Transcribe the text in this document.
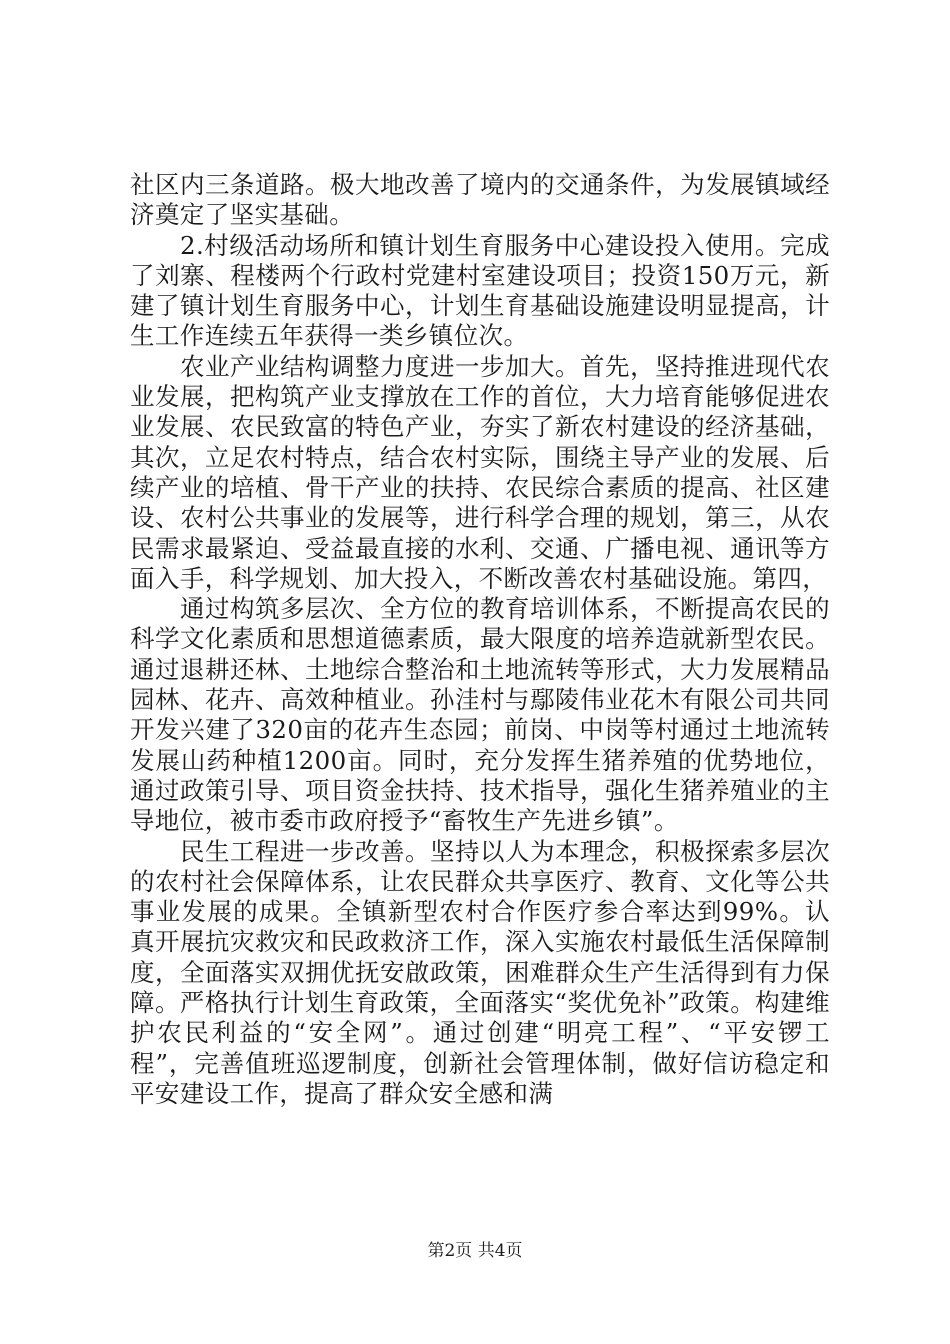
社区内三条道路。极大地改善了境内的交通条件，为发展镇域经济奠定了坚实基础。

2.村级活动场所和镇计划生育服务中心建设投入使用。完成了刘寨、程楼两个行政村党建村室建设项目；投资150万元，新建了镇计划生育服务中心，计划生育基础设施建设明显提高，计生工作连续五年获得一类乡镇位次。

农业产业结构调整力度进一步加大。首先，坚持推进现代农业发展，把构筑产业支撑放在工作的首位，大力培育能够促进农业发展、农民致富的特色产业，夯实了新农村建设的经济基础，其次，立足农村特点，结合农村实际，围绕主导产业的发展、后续产业的培植、骨干产业的扶持、农民综合素质的提高、社区建设、农村公共事业的发展等，进行科学合理的规划，第三，从农民需求最紧迫、受益最直接的水利、交通、广播电视、通讯等方面入手，科学规划、加大投入，不断改善农村基础设施。第四，

通过构筑多层次、全方位的教育培训体系，不断提高农民的科学文化素质和思想道德素质，最大限度的培养造就新型农民。通过退耕还林、土地综合整治和土地流转等形式，大力发展精品园林、花卉、高效种植业。孙洼村与鄢陵伟业花木有限公司共同开发兴建了320亩的花卉生态园；前岗、中岗等村通过土地流转发展山药种植1200亩。同时，充分发挥生猪养殖的优势地位，通过政策引导、项目资金扶持、技术指导，强化生猪养殖业的主导地位，被市委市政府授予“畜牧生产先进乡镇”。

民生工程进一步改善。坚持以人为本理念，积极探索多层次的农村社会保障体系，让农民群众共享医疗、教育、文化等公共事业发展的成果。全镇新型农村合作医疗参合率达到99%。认真开展抗灾救灾和民政救济工作，深入实施农村最低生活保障制度，全面落实双拥优抚安啟政策，困难群众生产生活得到有力保障。严格执行计划生育政策，全面落实“奖优免补”政策。构建维护农民利益的“安全网”。通过创建“明亮工程”、“平安锣工程”，完善值班巡逻制度，创新社会管理体制，做好信访稳定和平安建设工作，提高了群众安全感和满

第2页 共4页
